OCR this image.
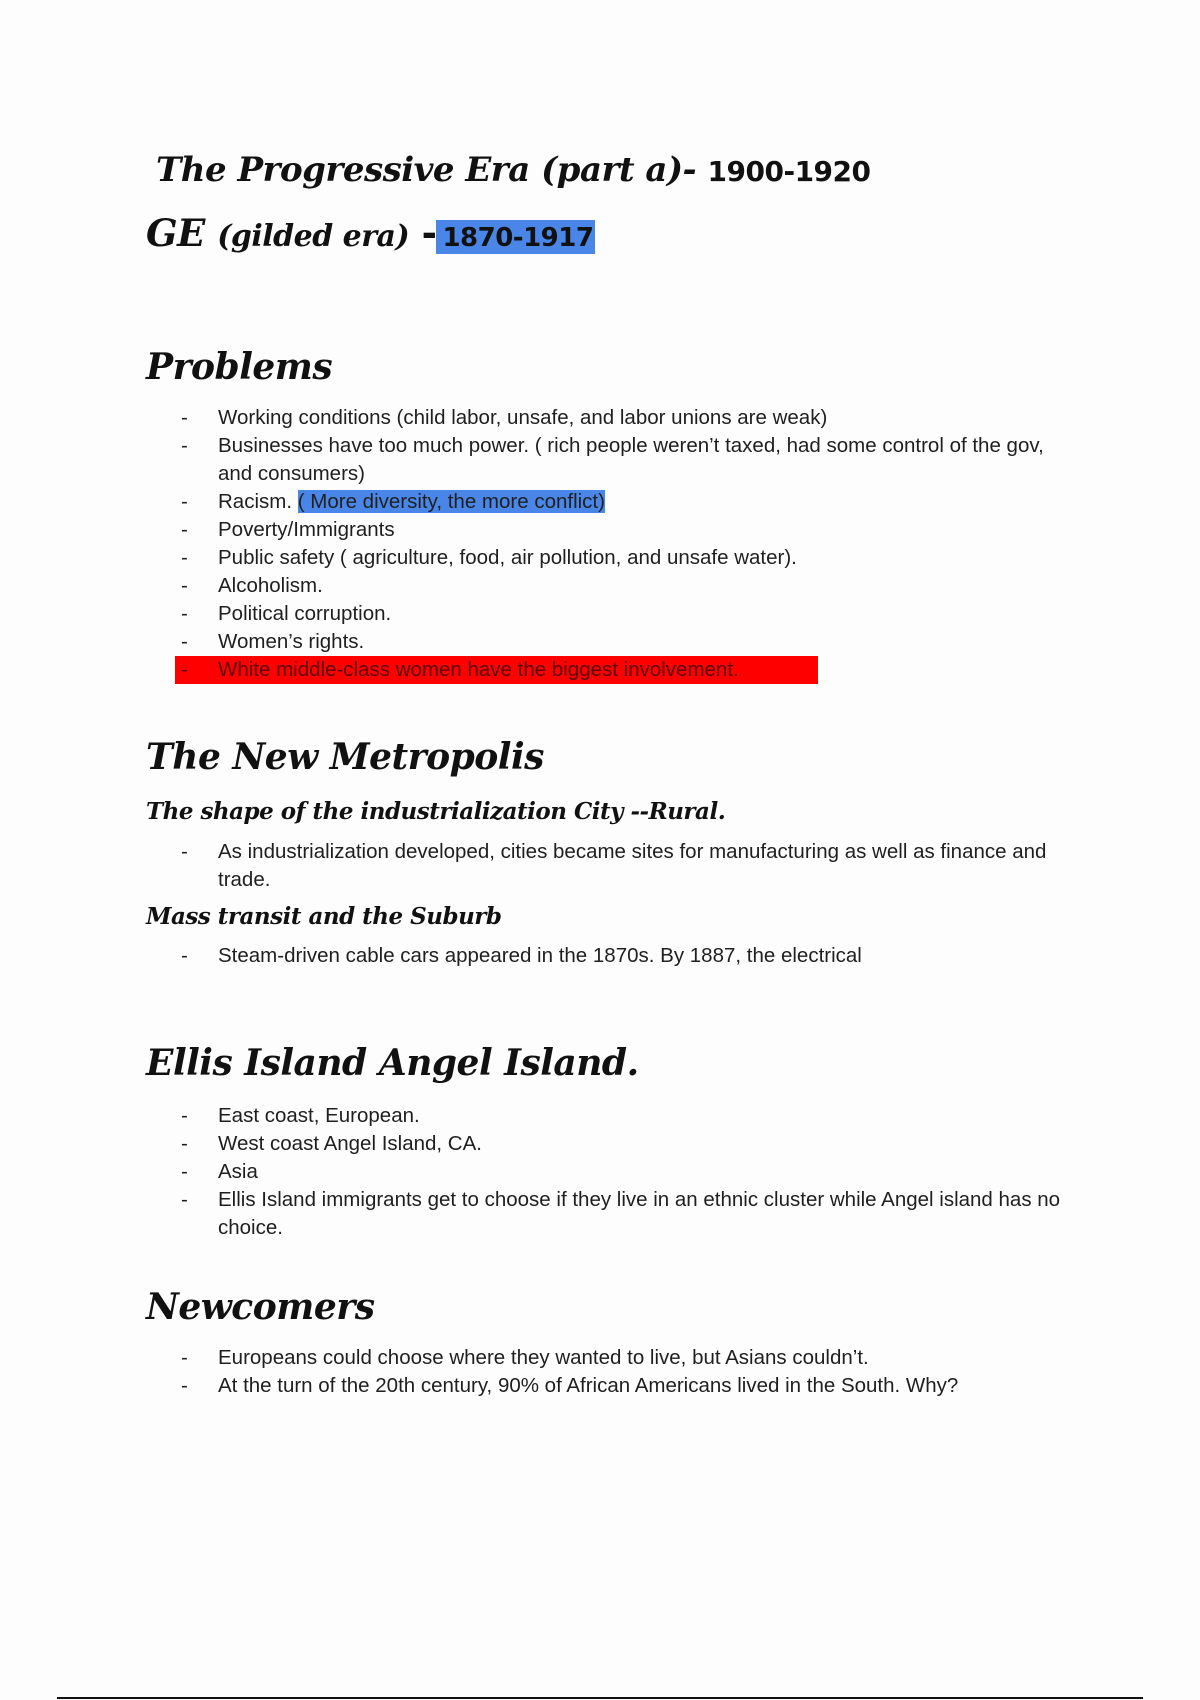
The Progressive Era (part a)- 1900-1920
GE (gilded era) - 1870-1917
Problems
- Working conditions (child labor, unsafe, and labor unions are weak)
- Businesses have too much power. ( rich people weren’t taxed, had some control of the gov, and consumers)
- Racism. ( More diversity, the more conflict)
- Poverty/Immigrants
- Public safety ( agriculture, food, air pollution, and unsafe water).
- Alcoholism.
- Political corruption.
- Women’s rights.
- White middle-class women have the biggest involvement.
The New Metropolis
The shape of the industrialization City --Rural.
- As industrialization developed, cities became sites for manufacturing as well as finance and trade.
Mass transit and the Suburb
- Steam-driven cable cars appeared in the 1870s. By 1887, the electrical
Ellis Island Angel Island.
- East coast, European.
- West coast Angel Island, CA.
- Asia
- Ellis Island immigrants get to choose if they live in an ethnic cluster while Angel island has no choice.
Newcomers
- Europeans could choose where they wanted to live, but Asians couldn’t.
- At the turn of the 20th century, 90% of African Americans lived in the South. Why?
